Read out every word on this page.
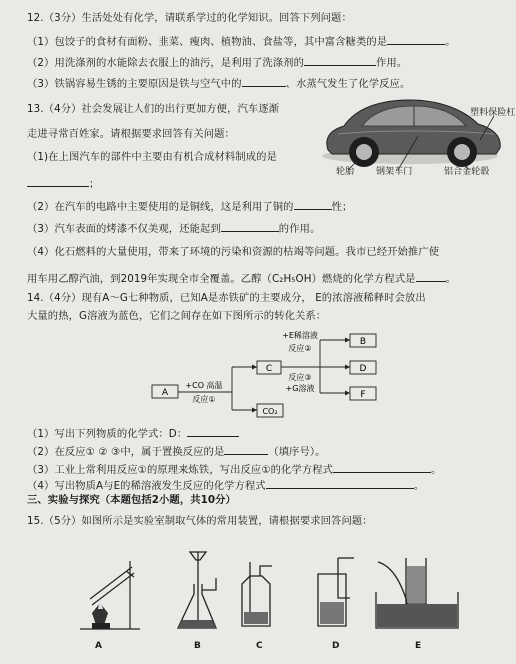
12.（3分）生活处处有化学，请联系学过的化学知识。回答下列问题：
（1）包饺子的食材有面粉、韭菜、瘦肉、植物油、食盐等，其中富含糖类的是	。
（2）用洗涤剂的水能除去衣服上的油污，是利用了洗涤剂的	作用。
（3）铁锅容易生锈的主要原因是铁与空气中的	、水蒸气发生了化学反应。
13.（4分）社会发展让人们的出行更加方便，汽车逐渐
走进寻常百姓家。请根据要求回答有关问题：
（1)在上图汽车的部件中主要由有机合成材料制成的是
；
塑料保险杠
轮胎 钢架车门	铝合金轮毂
（2）在汽车的电路中主要使用的是铜线，这是利用了铜的	性；
（3）汽车表面的烤漆不仅美观，还能起到	的作用。
（4）化石燃料的大量使用，带来了环境的污染和资源的枯竭等问题。我市已经开始推广使
用车用乙醇汽油，到2019年实现全市全覆盖。乙醇（C₂H₅OH）燃烧的化学方程式是	。
14.（4分）现有A～G七种物质，已知A是赤铁矿的主要成分， E的浓溶液稀释时会放出
大量的热，G溶液为蓝色，它们之间存在如下图所示的转化关系：
A
C
B
D
F
CO₂
+CO 高温
反应①
+E稀溶液
反应②
反应③
+G溶液
（1）写出下列物质的化学式：D：
（2）在反应① ② ③中，属于置换反应的是	（填序号）。
（3）工业上常利用反应①的原理来炼铁，写出反应①的化学方程式	。
（4）写出物质A与E的稀溶液发生反应的化学方程式	。
三、实验与探究（本题包括2小题，共10分）
15.（5分）如图所示是实验室制取气体的常用装置，请根据要求回答问题：
A	B	C	D	E
